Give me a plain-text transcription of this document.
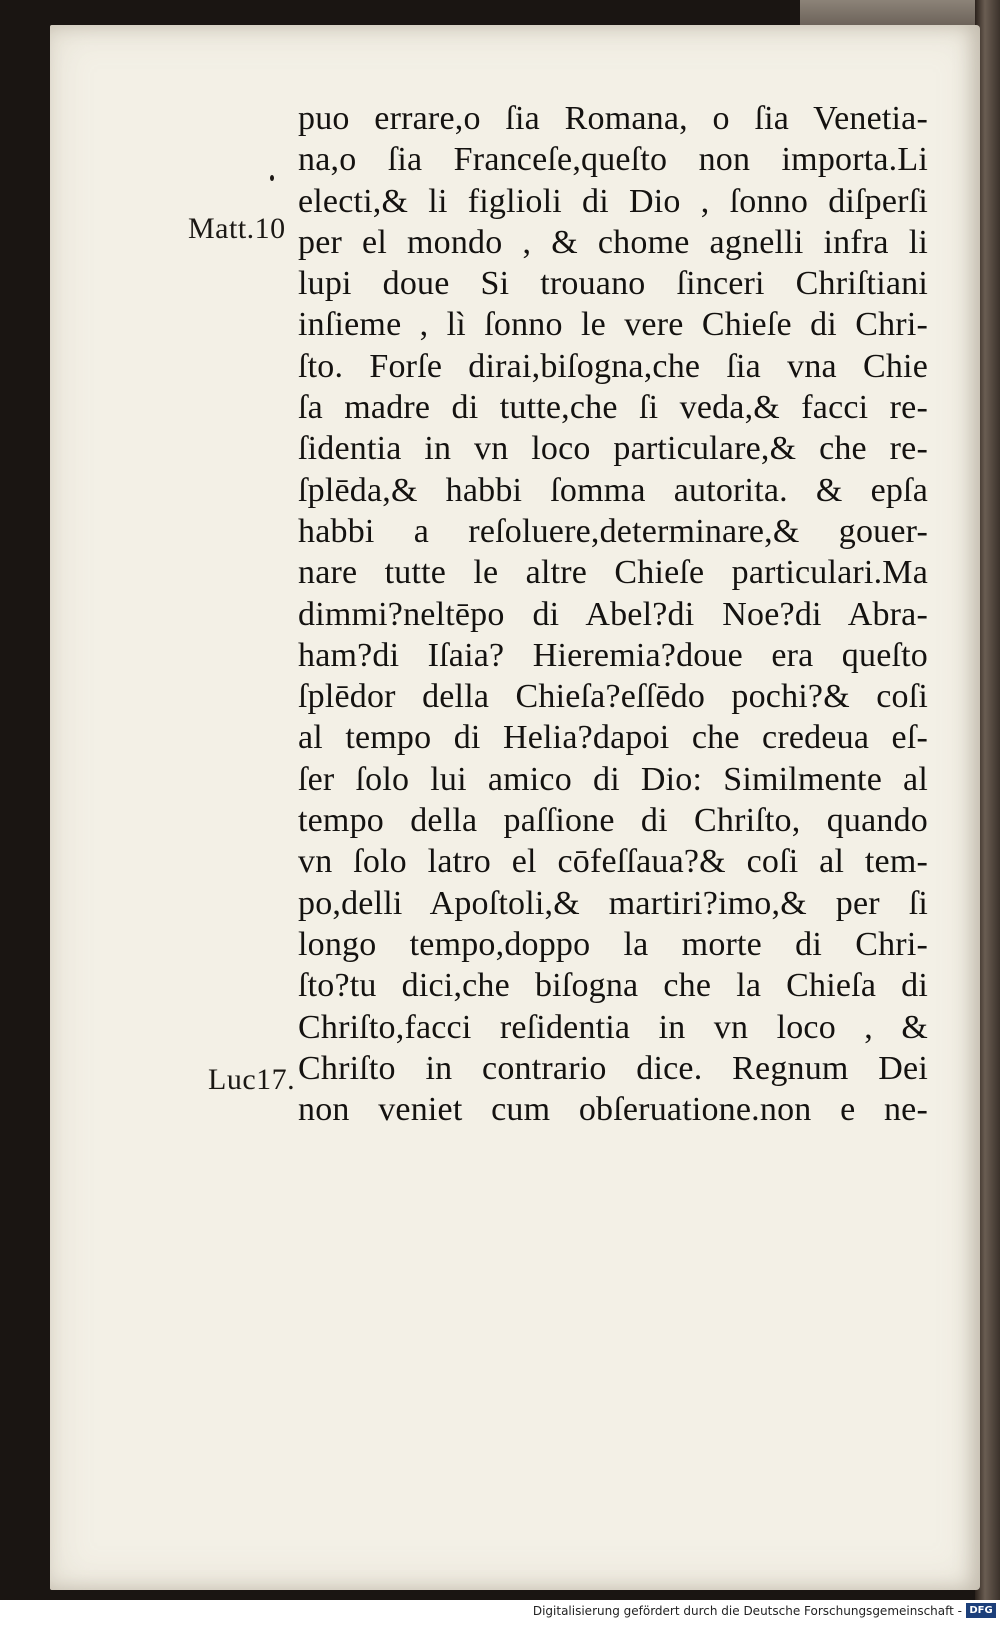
Matt.10
Luc17.
puo errare,o ſia Romana, o ſia Venetia-
na,o ſia Franceſe,queſto non importa.Li
electi,& li figlioli di Dio , ſonno diſperſi
per el mondo , & chome agnelli infra li
lupi doue Si trouano ſinceri Chriſtiani
inſieme , lì ſonno le vere Chieſe di Chri-
ſto. Forſe dirai,biſogna,che ſia vna Chie
ſa madre di tutte,che ſi veda,& facci re-
ſidentia in vn loco particulare,& che re-
ſplēda,& habbi ſomma autorita. & epſa
habbi a reſoluere,determinare,& gouer-
nare tutte le altre Chieſe particulari.Ma
dimmi?neltēpo di Abel?di Noe?di Abra-
ham?di Iſaia? Hieremia?doue era queſto
ſplēdor della Chieſa?eſſēdo pochi?& coſi
al tempo di Helia?dapoi che credeua eſ-
ſer ſolo lui amico di Dio: Similmente al
tempo della paſſione di Chriſto, quando
vn ſolo latro el cōfeſſaua?& coſi al tem-
po,delli Apoſtoli,& martiri?imo,& per ſi
longo tempo,doppo la morte di Chri-
ſto?tu dici,che biſogna che la Chieſa di
Chriſto,facci reſidentia in vn loco , &
Chriſto in contrario dice. Regnum Dei
non veniet cum obſeruatione.non e ne-
Digitalisierung gefördert durch die Deutsche Forschungsgemeinschaft - DFG
